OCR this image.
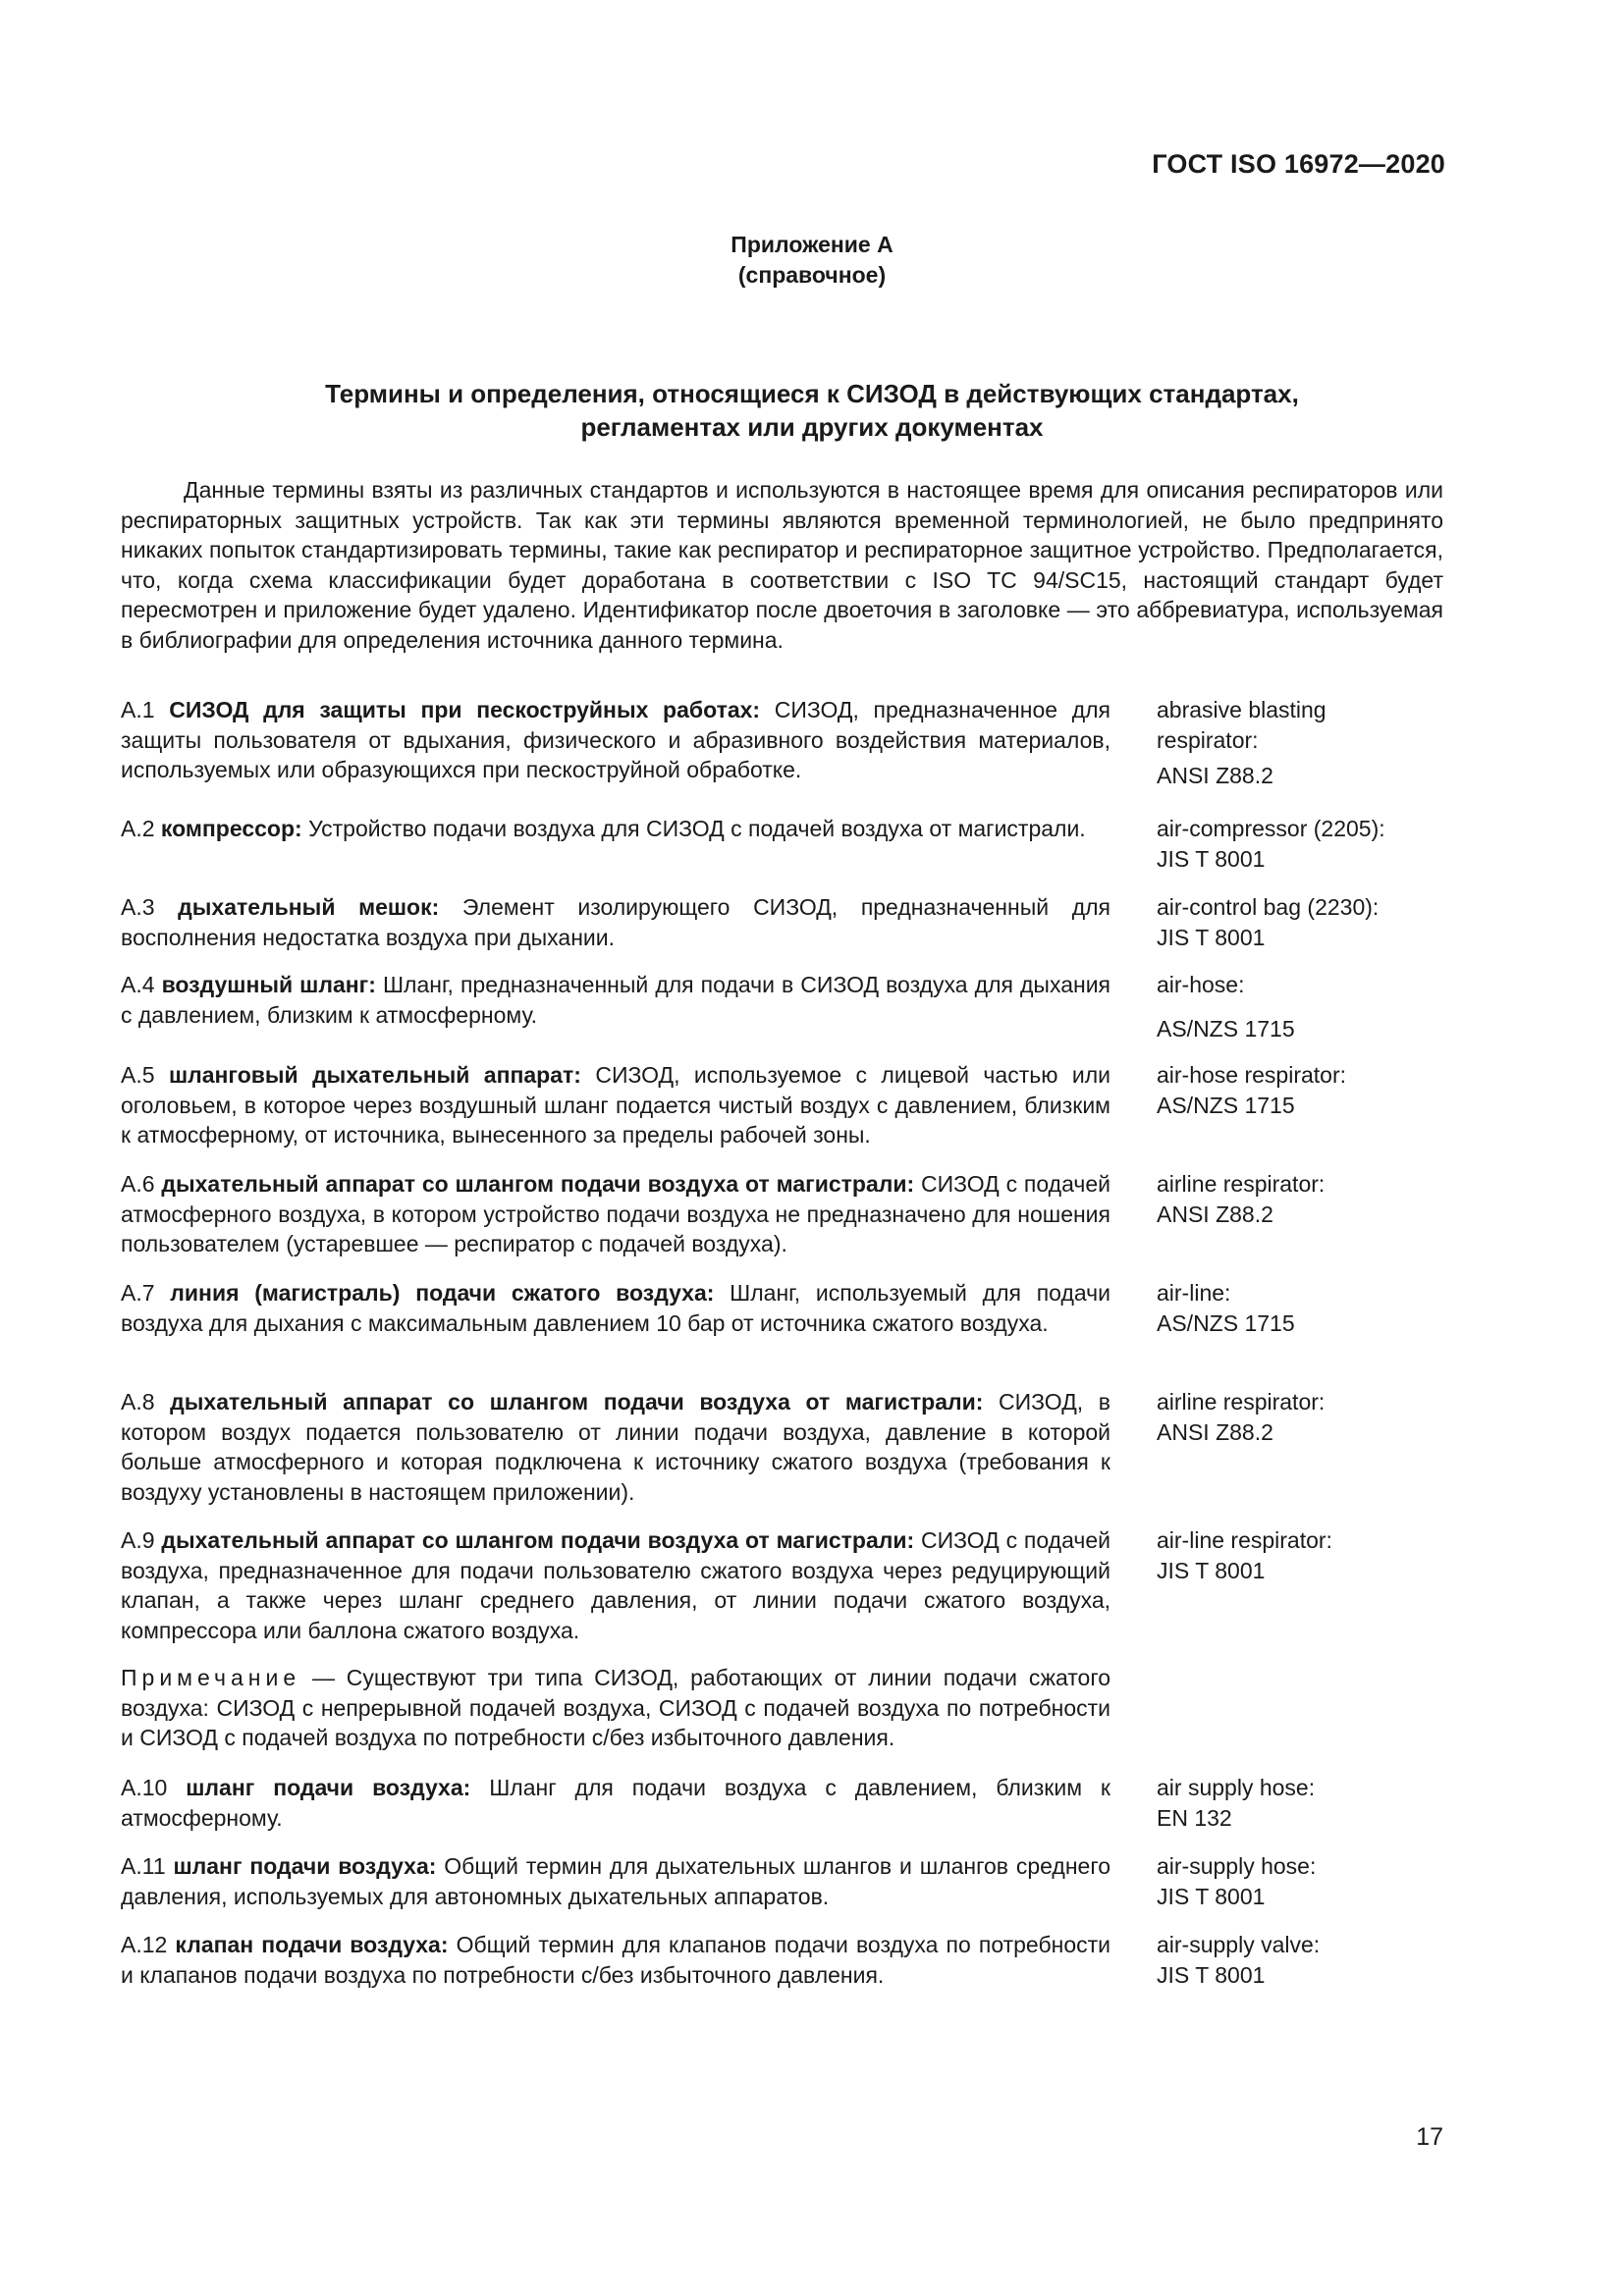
ГОСТ ISO 16972—2020
Приложение А
(справочное)
Термины и определения, относящиеся к СИЗОД в действующих стандартах,
регламентах или других документах

Данные термины взяты из различных стандартов и используются в настоящее время для описания респираторов или респираторных защитных устройств. Так как эти термины являются временной терминологией, не было предпринято никаких попыток стандартизировать термины, такие как респиратор и респираторное защитное устройство. Предполагается, что, когда схема классификации будет доработана в соответствии с ISO TC 94/SC15, настоящий стандарт будет пересмотрен и приложение будет удалено. Идентификатор после двоеточия в заголовке — это аббревиатура, используемая в библиографии для определения источника данного термина.

A.1 СИЗОД для защиты при пескоструйных работах: СИЗОД, предназначенное для защиты пользователя от вдыхания, физического и абразивного воздействия материалов, используемых или образующихся при пескоструйной обработке.

abrasive blasting respirator:
ANSI Z88.2

A.2 компрессор: Устройство подачи воздуха для СИЗОД с подачей воздуха от магистрали.	air-compressor (2205):
JIS T 8001

A.3 дыхательный мешок: Элемент изолирующего СИЗОД, предназначенный для восполнения недостатка воздуха при дыхании.

air-control bag (2230):
JIS T 8001

A.4 воздушный шланг: Шланг, предназначенный для подачи в СИЗОД воздуха для дыхания с давлением, близким к атмосферному.

air-hose:
AS/NZS 1715

A.5 шланговый дыхательный аппарат: СИЗОД, используемое с лицевой частью или оголовьем, в которое через воздушный шланг подается чистый воздух с давлением, близким к атмосферному, от источника, вынесенного за пределы рабочей зоны.

air-hose respirator:
AS/NZS 1715

A.6 дыхательный аппарат со шлангом подачи воздуха от магистрали: СИЗОД с подачей атмосферного воздуха, в котором устройство подачи воздуха не предназначено для ношения пользователем (устаревшее — респиратор с подачей воздуха).

airline respirator:
ANSI Z88.2

A.7 линия (магистраль) подачи сжатого воздуха: Шланг, используемый для подачи воздуха для дыхания с максимальным давлением 10 бар от источника сжатого воздуха.

air-line:
AS/NZS 1715

A.8 дыхательный аппарат со шлангом подачи воздуха от магистрали: СИЗОД, в котором воздух подается пользователю от линии подачи воздуха, давление в которой больше атмосферного и которая подключена к источнику сжатого воздуха (требования к воздуху установлены в настоящем приложении).

airline respirator:
ANSI Z88.2

A.9 дыхательный аппарат со шлангом подачи воздуха от магистрали: СИЗОД с подачей воздуха, предназначенное для подачи пользователю сжатого воздуха через редуцирующий клапан, а также через шланг среднего давления, от линии подачи сжатого воздуха, компрессора или баллона сжатого воздуха.

air-line respirator:
JIS T 8001

Примечание — Существуют три типа СИЗОД, работающих от линии подачи сжатого воздуха: СИЗОД с непрерывной подачей воздуха, СИЗОД с подачей воздуха по потребности и СИЗОД с подачей воздуха по потребности с/без избыточного давления.

A.10 шланг подачи воздуха: Шланг для подачи воздуха с давлением, близким к атмосферному.

air supply hose:
EN 132

A.11 шланг подачи воздуха: Общий термин для дыхательных шлангов и шлангов среднего давления, используемых для автономных дыхательных аппаратов.

air-supply hose:
JIS T 8001

A.12 клапан подачи воздуха: Общий термин для клапанов подачи воздуха по потребности и клапанов подачи воздуха по потребности с/без избыточного давления.

air-supply valve:
JIS T 8001
17
